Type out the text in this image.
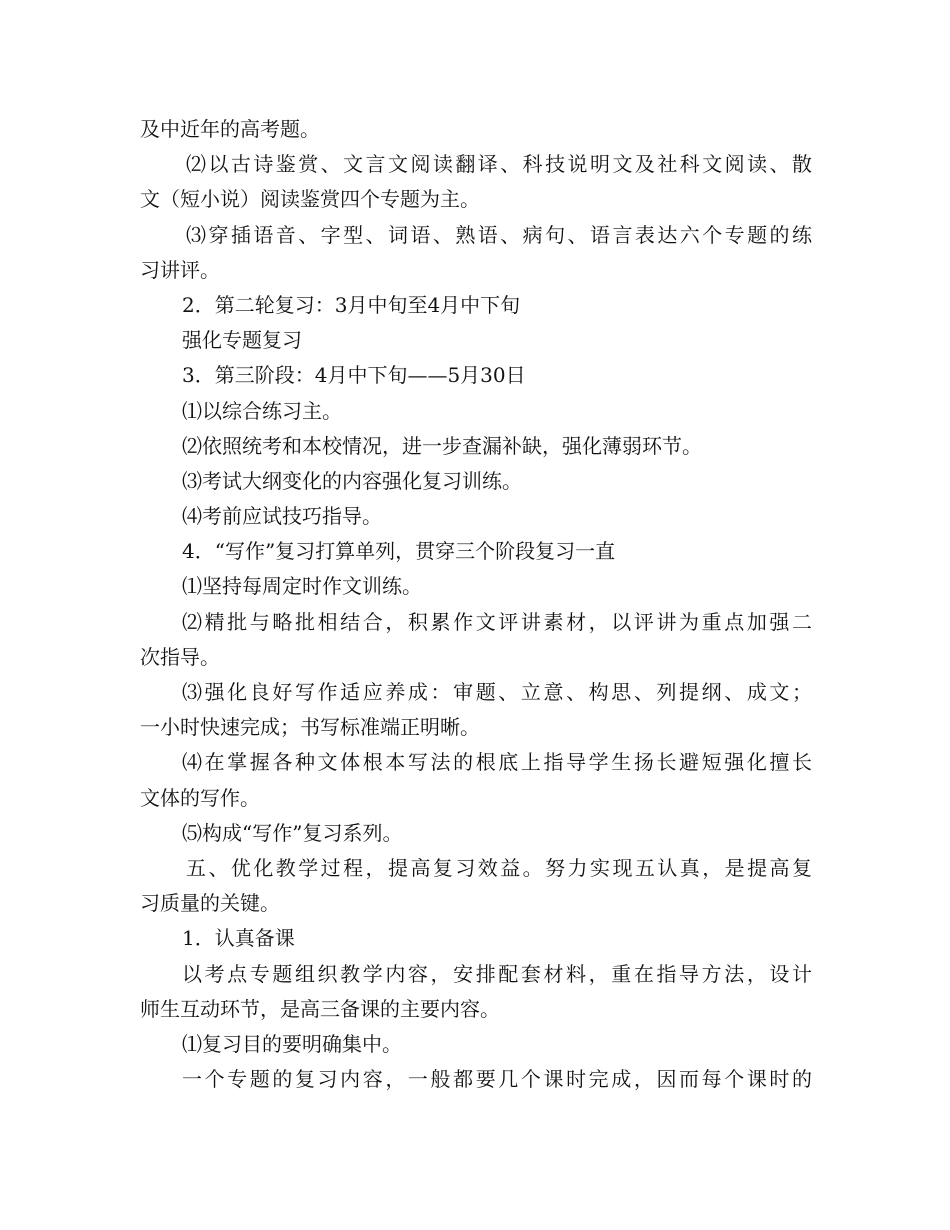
及中近年的高考题。
⑵以古诗鉴赏、文言文阅读翻译、科技说明文及社科文阅读、散
文（短小说）阅读鉴赏四个专题为主。
⑶穿插语音、字型、词语、熟语、病句、语言表达六个专题的练
习讲评。
2．第二轮复习：3月中旬至4月中下旬
强化专题复习
3．第三阶段：4月中下旬——5月30日
⑴以综合练习主。
⑵依照统考和本校情况，进一步查漏补缺，强化薄弱环节。
⑶考试大纲变化的内容强化复习训练。
⑷考前应试技巧指导。
4．“写作”复习打算单列，贯穿三个阶段复习一直
⑴坚持每周定时作文训练。
⑵精批与略批相结合，积累作文评讲素材，以评讲为重点加强二
次指导。
⑶强化良好写作适应养成：审题、立意、构思、列提纲、成文；
一小时快速完成；书写标准端正明晰。
⑷在掌握各种文体根本写法的根底上指导学生扬长避短强化擅长
文体的写作。
⑸构成“写作”复习系列。
五、优化教学过程，提高复习效益。努力实现五认真，是提高复
习质量的关键。
1．认真备课
以考点专题组织教学内容，安排配套材料，重在指导方法，设计
师生互动环节，是高三备课的主要内容。
⑴复习目的要明确集中。
一个专题的复习内容，一般都要几个课时完成，因而每个课时的
